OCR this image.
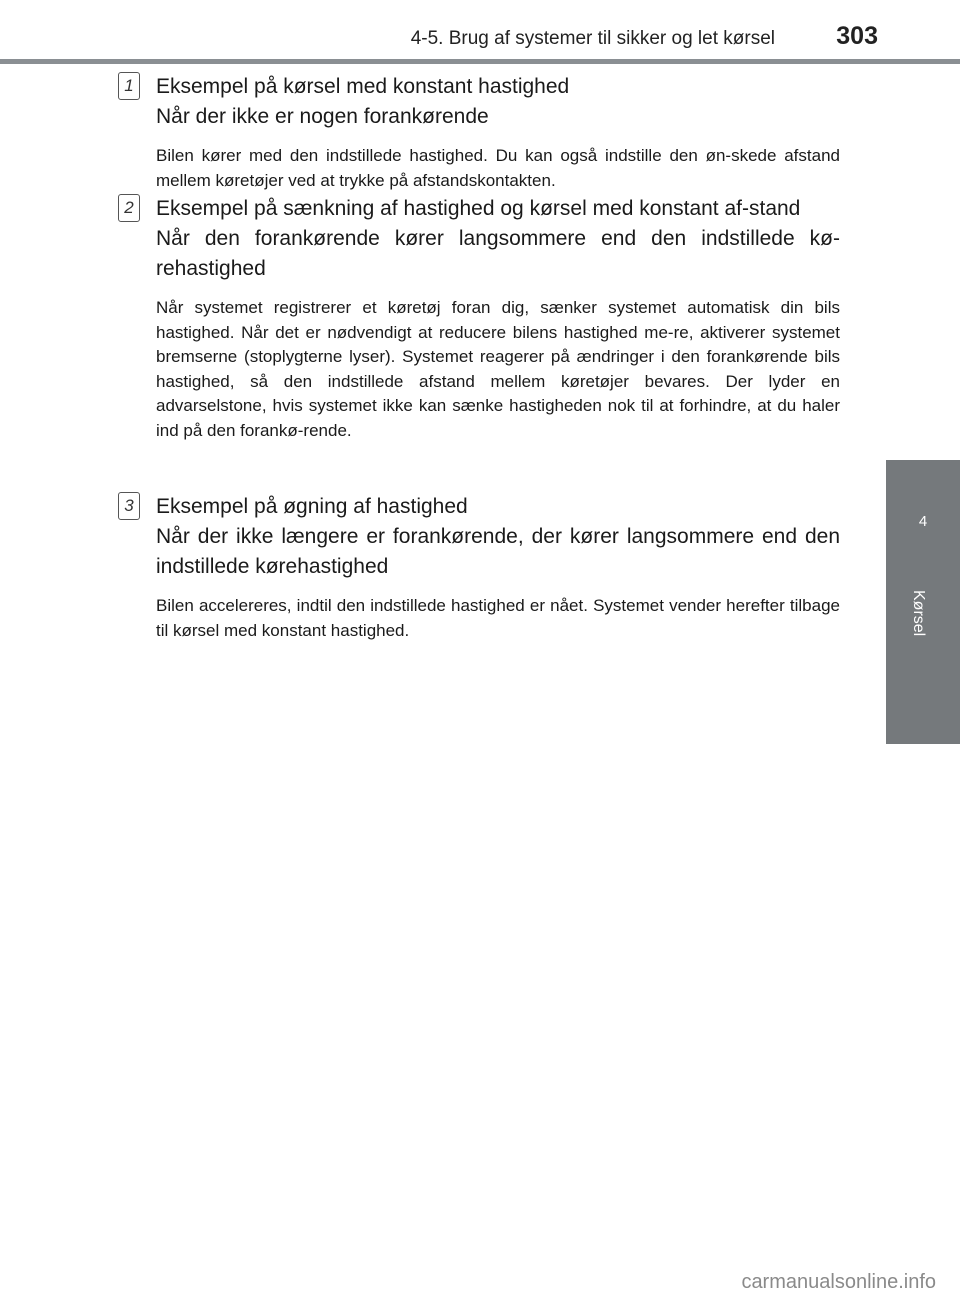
4-5. Brug af systemer til sikker og let kørsel 303
4
Kørsel
1 Eksempel på kørsel med konstant hastighed
Når der ikke er nogen forankørende

Bilen kører med den indstillede hastighed. Du kan også indstille den øn-skede afstand mellem køretøjer ved at trykke på afstandskontakten.

2 Eksempel på sænkning af hastighed og kørsel med konstant af-stand
Når den forankørende kører langsommere end den indstillede kø-rehastighed

Når systemet registrerer et køretøj foran dig, sænker systemet automatisk din bils hastighed. Når det er nødvendigt at reducere bilens hastighed me-re, aktiverer systemet bremserne (stoplygterne lyser). Systemet reagerer på ændringer i den forankørende bils hastighed, så den indstillede afstand mellem køretøjer bevares. Der lyder en advarselstone, hvis systemet ikke kan sænke hastigheden nok til at forhindre, at du haler ind på den forankø-rende.

3 Eksempel på øgning af hastighed
Når der ikke længere er forankørende, der kører langsommere end den indstillede kørehastighed

Bilen accelereres, indtil den indstillede hastighed er nået. Systemet vender herefter tilbage til kørsel med konstant hastighed.

carmanualsonline.info
